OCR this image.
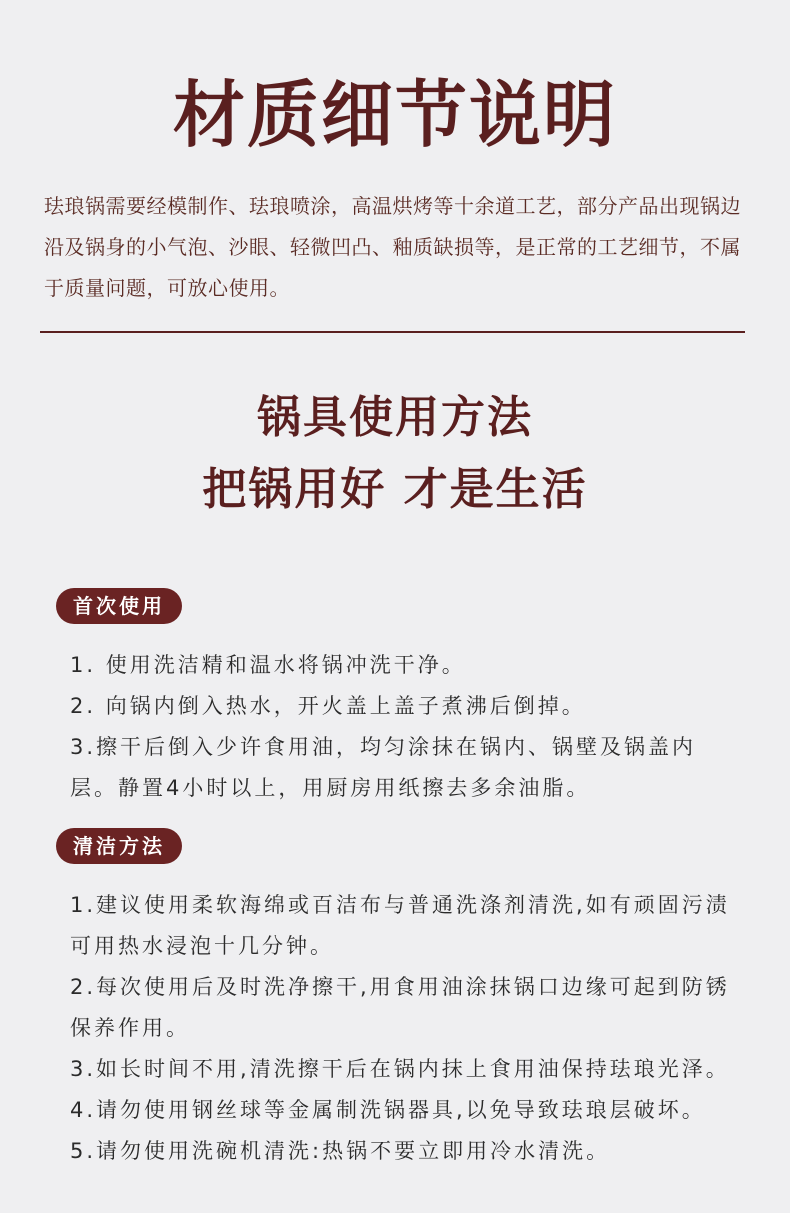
材质细节说明
珐琅锅需要经模制作、珐琅喷涂，高温烘烤等十余道工艺，部分产品出现锅边沿及锅身的小气泡、沙眼、轻微凹凸、釉质缺损等，是正常的工艺细节，不属于质量问题，可放心使用。
锅具使用方法
把锅用好 才是生活
首次使用

1. 使用洗洁精和温水将锅冲洗干净。

2. 向锅内倒入热水，开火盖上盖子煮沸后倒掉。

3.擦干后倒入少许食用油，均匀涂抹在锅内、锅壁及锅盖内层。静置4小时以上，用厨房用纸擦去多余油脂。

清洁方法

1.建议使用柔软海绵或百洁布与普通洗涤剂清洗,如有顽固污渍可用热水浸泡十几分钟。

2.每次使用后及时洗净擦干,用食用油涂抹锅口边缘可起到防锈保养作用。

3.如长时间不用,清洗擦干后在锅内抹上食用油保持珐琅光泽。

4.请勿使用钢丝球等金属制洗锅器具,以免导致珐琅层破坏。

5.请勿使用洗碗机清洗:热锅不要立即用冷水清洗。
